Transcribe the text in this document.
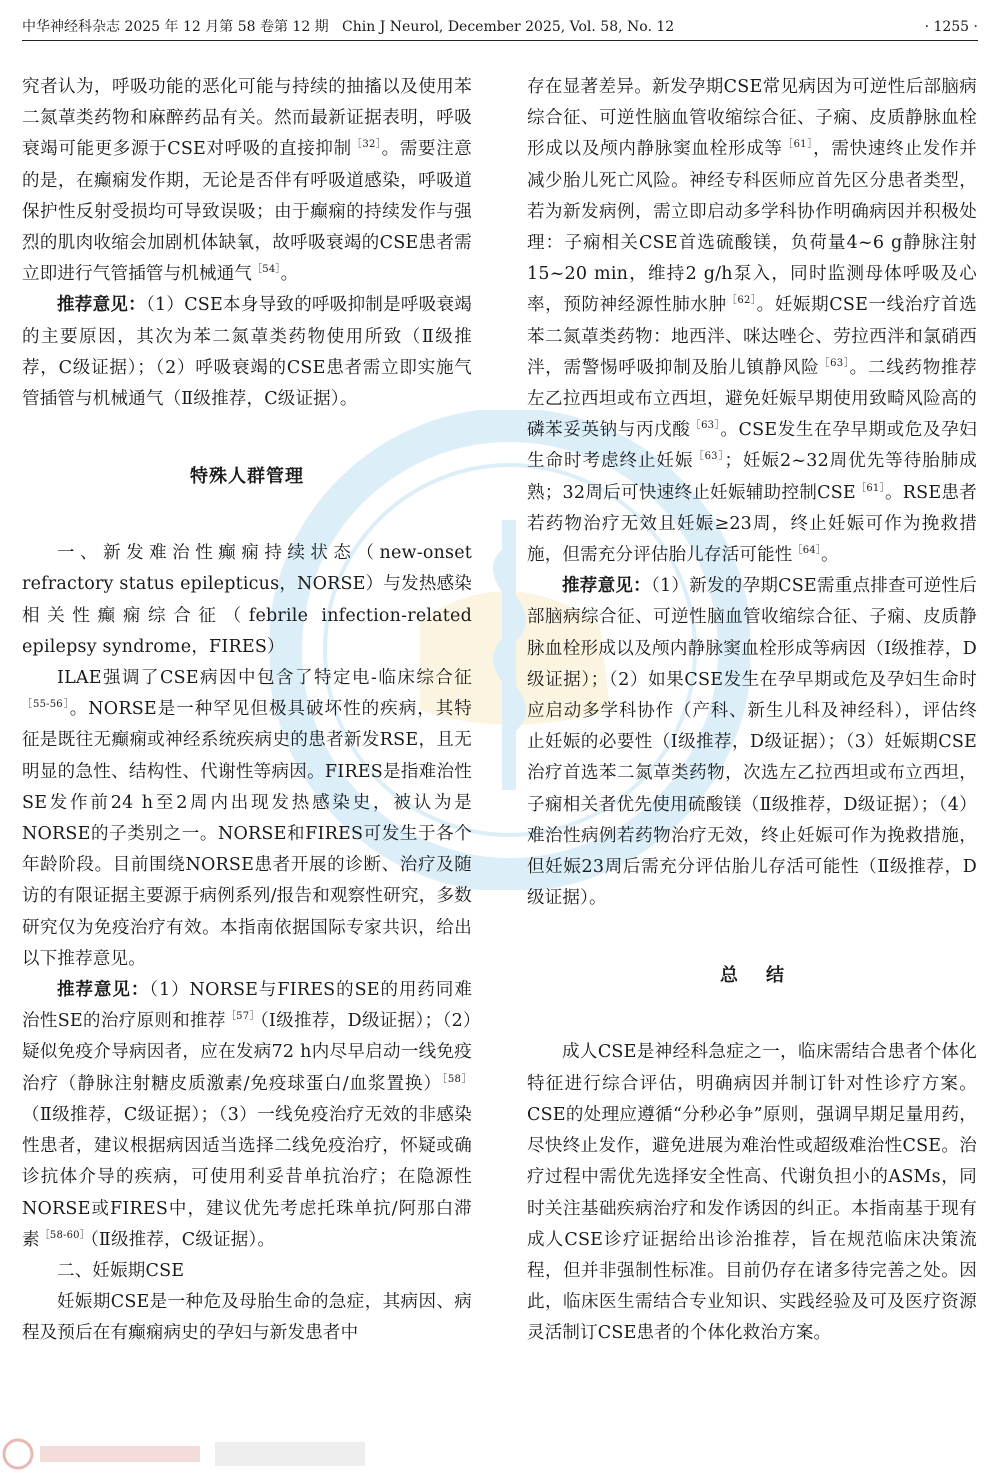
中华神经科杂志 2025 年 12 月第 58 卷第 12 期 Chin J Neurol, December 2025, Vol. 58, No. 12	· 1255 ·

究者认为，呼吸功能的恶化可能与持续的抽搐以及使用苯二氮䓬类药物和麻醉药品有关。然而最新证据表明，呼吸衰竭可能更多源于CSE对呼吸的直接抑制$^{[32]}$。需要注意的是，在癫痫发作期，无论是否伴有呼吸道感染，呼吸道保护性反射受损均可导致误吸；由于癫痫的持续发作与强烈的肌肉收缩会加剧机体缺氧，故呼吸衰竭的CSE患者需立即进行气管插管与机械通气$^{[54]}$。

推荐意见：（1）CSE本身导致的呼吸抑制是呼吸衰竭的主要原因，其次为苯二氮䓬类药物使用所致（Ⅱ级推荐，C级证据）；（2）呼吸衰竭的CSE患者需立即实施气管插管与机械通气（Ⅱ级推荐，C级证据）。

特殊人群管理

一、新发难治性癫痫持续状态（new-onset refractory status epilepticus，NORSE）与发热感染相关性癫痫综合征（febrile infection-related epilepsy syndrome，FIRES）

ILAE强调了CSE病因中包含了特定电-临床综合征$^{[55-56]}$。NORSE是一种罕见但极具破坏性的疾病，其特征是既往无癫痫或神经系统疾病史的患者新发RSE，且无明显的急性、结构性、代谢性等病因。FIRES是指难治性SE发作前24 h至2周内出现发热感染史，被认为是NORSE的子类别之一。NORSE和FIRES可发生于各个年龄阶段。目前围绕NORSE患者开展的诊断、治疗及随访的有限证据主要源于病例系列/报告和观察性研究，多数研究仅为免疫治疗有效。本指南依据国际专家共识，给出以下推荐意见。

推荐意见：（1）NORSE与FIRES的SE的用药同难治性SE的治疗原则和推荐$^{[57]}$（Ⅰ级推荐，D级证据）；（2）疑似免疫介导病因者，应在发病72 h内尽早启动一线免疫治疗（静脉注射糖皮质激素/免疫球蛋白/血浆置换）$^{[58]}$（Ⅱ级推荐，C级证据）；（3）一线免疫治疗无效的非感染性患者，建议根据病因适当选择二线免疫治疗，怀疑或确诊抗体介导的疾病，可使用利妥昔单抗治疗；在隐源性NORSE或FIRES中，建议优先考虑托珠单抗/阿那白滞素$^{[58-60]}$（Ⅱ级推荐，C级证据）。

二、妊娠期CSE

妊娠期CSE是一种危及母胎生命的急症，其病因、病程及预后在有癫痫病史的孕妇与新发患者中

存在显著差异。新发孕期CSE常见病因为可逆性后部脑病综合征、可逆性脑血管收缩综合征、子痫、皮质静脉血栓形成以及颅内静脉窦血栓形成等$^{[61]}$，需快速终止发作并减少胎儿死亡风险。神经专科医师应首先区分患者类型，若为新发病例，需立即启动多学科协作明确病因并积极处理：子痫相关CSE首选硫酸镁，负荷量4~6 g静脉注射15~20 min，维持2 g/h泵入，同时监测母体呼吸及心率，预防神经源性肺水肿$^{[62]}$。妊娠期CSE一线治疗首选苯二氮䓬类药物：地西泮、咪达唑仑、劳拉西泮和氯硝西泮，需警惕呼吸抑制及胎儿镇静风险$^{[63]}$。二线药物推荐左乙拉西坦或布立西坦，避免妊娠早期使用致畸风险高的磷苯妥英钠与丙戊酸$^{[63]}$。CSE发生在孕早期或危及孕妇生命时考虑终止妊娠$^{[63]}$；妊娠2~32周优先等待胎肺成熟；32周后可快速终止妊娠辅助控制$CSE^{[61]}$。RSE患者若药物治疗无效且妊娠≥23周，终止妊娠可作为挽救措施，但需充分评估胎儿存活可能性$^{[64]}$。

推荐意见：（1）新发的孕期CSE需重点排查可逆性后部脑病综合征、可逆性脑血管收缩综合征、子痫、皮质静脉血栓形成以及颅内静脉窦血栓形成等病因（Ⅰ级推荐，D级证据）；（2）如果CSE发生在孕早期或危及孕妇生命时应启动多学科协作（产科、新生儿科及神经科），评估终止妊娠的必要性（Ⅰ级推荐，D级证据）；（3）妊娠期CSE治疗首选苯二氮䓬类药物，次选左乙拉西坦或布立西坦，子痫相关者优先使用硫酸镁（Ⅱ级推荐，D级证据）；（4）难治性病例若药物治疗无效，终止妊娠可作为挽救措施，但妊娠23周后需充分评估胎儿存活可能性（Ⅱ级推荐，D级证据）。

总结

成人CSE是神经科急症之一，临床需结合患者个体化特征进行综合评估，明确病因并制订针对性诊疗方案。CSE的处理应遵循“分秒必争”原则，强调早期足量用药，尽快终止发作，避免进展为难治性或超级难治性CSE。治疗过程中需优先选择安全性高、代谢负担小的ASMs，同时关注基础疾病治疗和发作诱因的纠正。本指南基于现有成人CSE诊疗证据给出诊治推荐，旨在规范临床决策流程，但并非强制性标准。目前仍存在诸多待完善之处。因此，临床医生需结合专业知识、实践经验及可及医疗资源灵活制订CSE患者的个体化救治方案。
